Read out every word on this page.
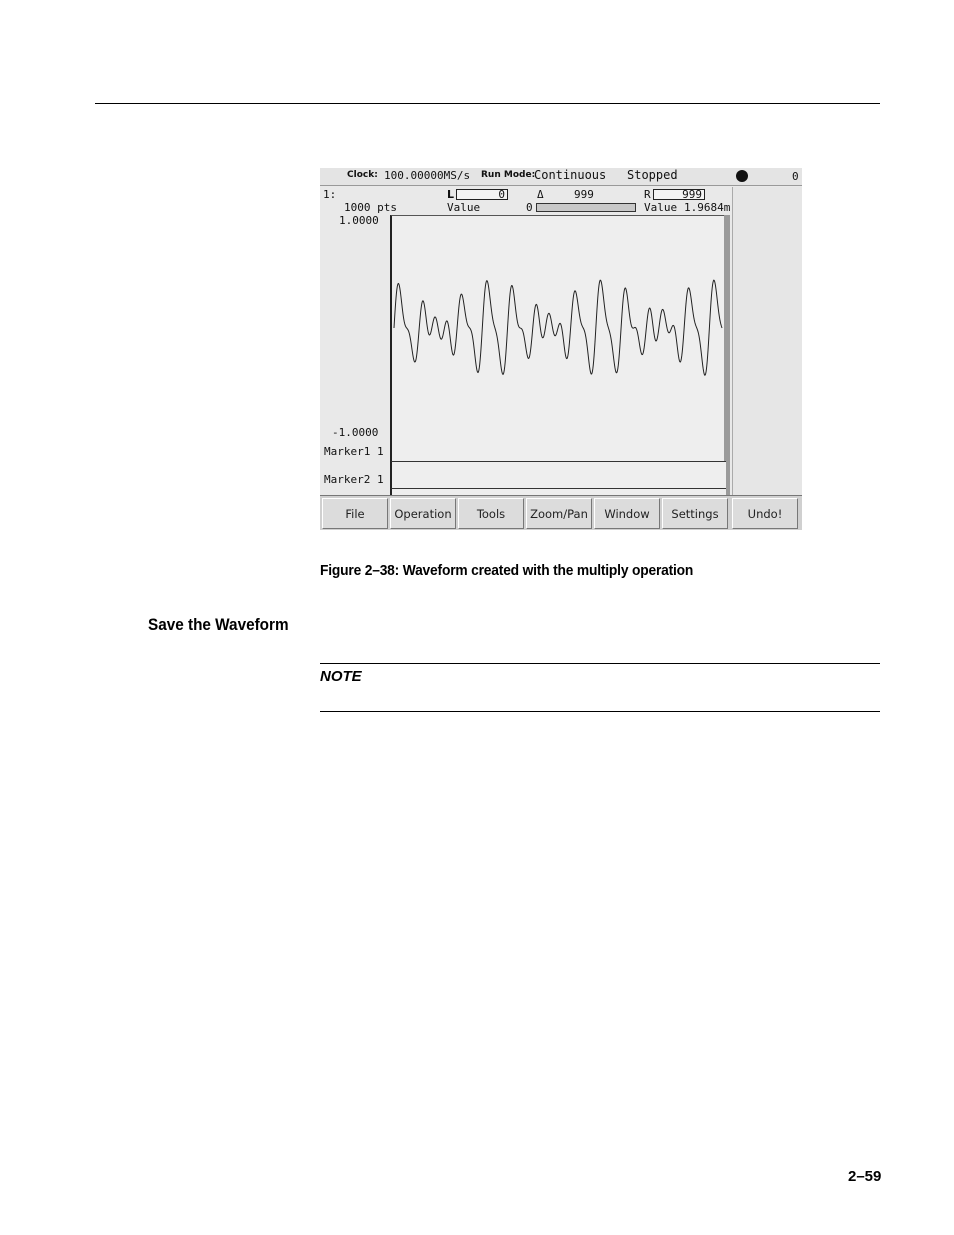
Clock: 100.00000MS/s Run Mode:
Continuous Stopped	0
1:
1000 pts
1.0000
L	0	Δ	999	R	999
Value	0	Value 1.9684m
-1.0000
Marker1 1
Marker2 1
File	Operation	Tools	Zoom/Pan	Window	Settings	Undo!
Figure 2–38: Waveform created with the multiply operation
Save the Waveform
NOTE
2–59
